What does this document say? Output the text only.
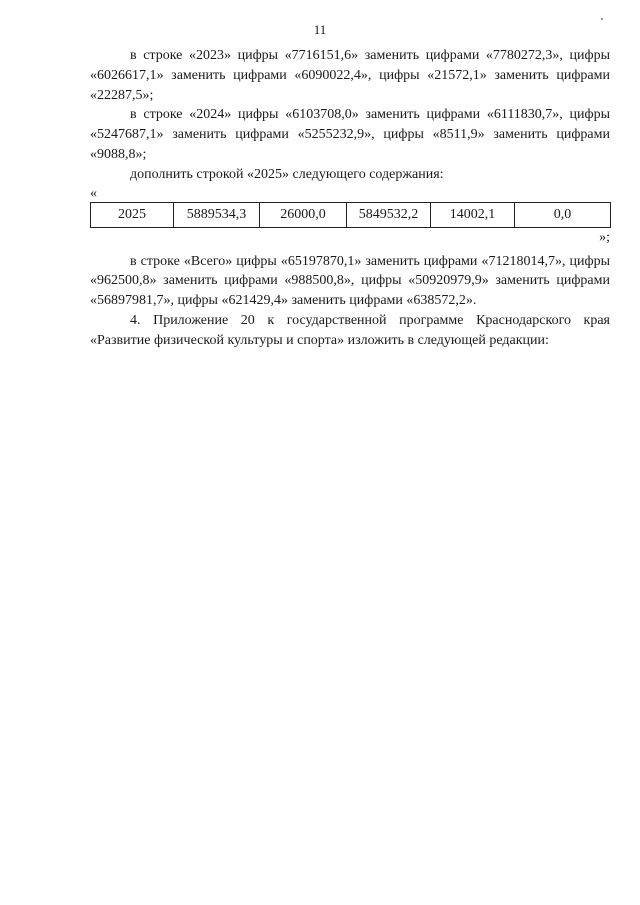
11

в строке «2023» цифры «7716151,6» заменить цифрами «7780272,3», цифры «6026617,1» заменить цифрами «6090022,4», цифры «21572,1» заменить цифрами «22287,5»;

в строке «2024» цифры «6103708,0» заменить цифрами «6111830,7», цифры «5247687,1» заменить цифрами «5255232,9», цифры «8511,9» заменить цифрами «9088,8»;

дополнить строкой «2025» следующего содержания:

«
2025	5889534,3	26000,0	5849532,2	14002,1	0,0
»;

в строке «Всего» цифры «65197870,1» заменить цифрами «71218014,7», цифры «962500,8» заменить цифрами «988500,8», цифры «50920979,9» заменить цифрами «56897981,7», цифры «621429,4» заменить цифрами «638572,2».

4. Приложение 20 к государственной программе Краснодарского края «Развитие физической культуры и спорта» изложить в следующей редакции:
